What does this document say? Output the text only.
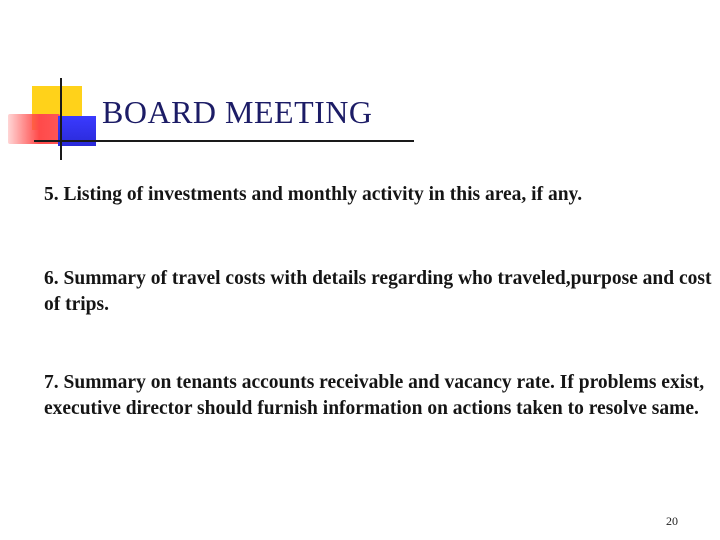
BOARD MEETING

5. Listing of investments and monthly activity in this area, if any.

6. Summary of travel costs with details regarding who traveled,purpose and cost of trips.

7. Summary on tenants accounts receivable and vacancy rate. If problems exist, executive director should furnish information on actions taken to resolve same.

20
